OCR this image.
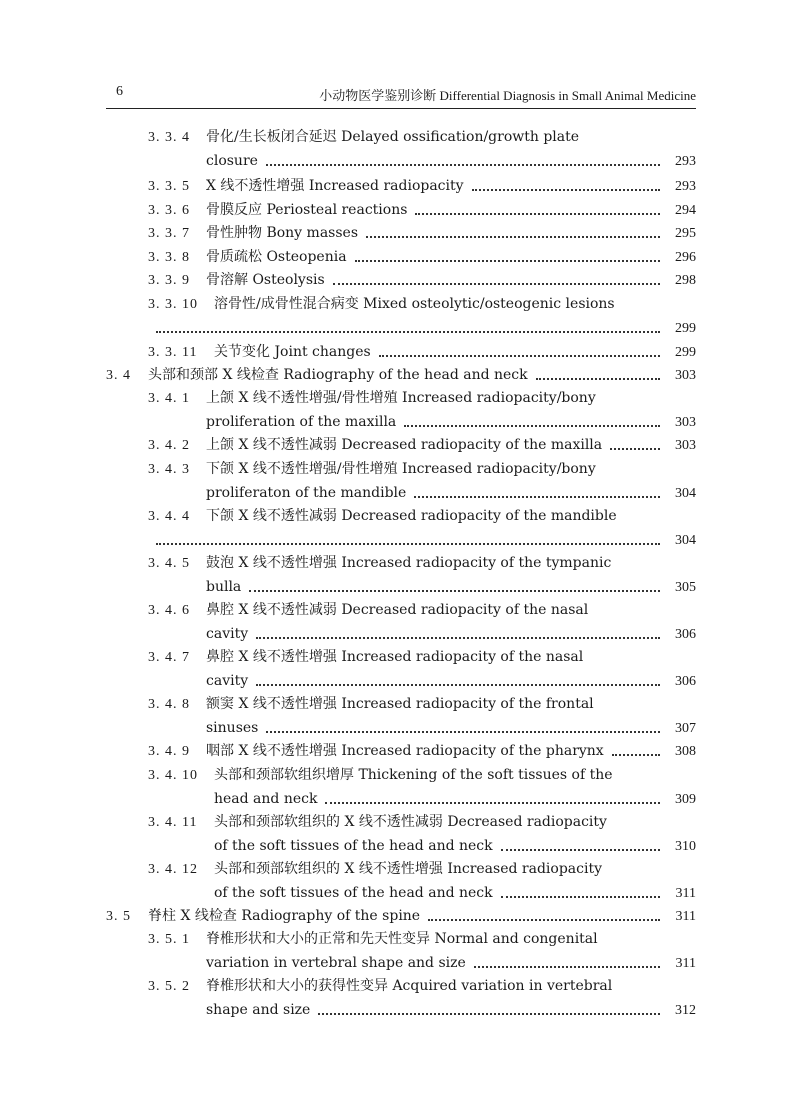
6	小动物医学鉴别诊断 Differential Diagnosis in Small Animal Medicine
3. 3. 4 骨化/生长板闭合延迟 Delayed ossification/growth plate
closure	293
3. 3. 5 X 线不透性增强 Increased radiopacity	293
3. 3. 6 骨膜反应 Periosteal reactions	294
3. 3. 7 骨性肿物 Bony masses	295
3. 3. 8 骨质疏松 Osteopenia	296
3. 3. 9 骨溶解 Osteolysis	298
3. 3. 10 溶骨性/成骨性混合病变 Mixed osteolytic/osteogenic lesions
299
3. 3. 11 关节变化 Joint changes	299
3. 4 头部和颈部 X 线检查 Radiography of the head and neck	303
3. 4. 1 上颌 X 线不透性增强/骨性增殖 Increased radiopacity/bony
proliferation of the maxilla	303
3. 4. 2 上颌 X 线不透性减弱 Decreased radiopacity of the maxilla	303
3. 4. 3 下颌 X 线不透性增强/骨性增殖 Increased radiopacity/bony
proliferaton of the mandible	304
3. 4. 4 下颌 X 线不透性减弱 Decreased radiopacity of the mandible
304
3. 4. 5 鼓泡 X 线不透性增强 Increased radiopacity of the tympanic
bulla	305
3. 4. 6 鼻腔 X 线不透性减弱 Decreased radiopacity of the nasal
cavity	306
3. 4. 7 鼻腔 X 线不透性增强 Increased radiopacity of the nasal
cavity	306
3. 4. 8 额窦 X 线不透性增强 Increased radiopacity of the frontal
sinuses	307
3. 4. 9 咽部 X 线不透性增强 Increased radiopacity of the pharynx	308
3. 4. 10 头部和颈部软组织增厚 Thickening of the soft tissues of the
head and neck	309
3. 4. 11 头部和颈部软组织的 X 线不透性减弱 Decreased radiopacity
of the soft tissues of the head and neck	310
3. 4. 12 头部和颈部软组织的 X 线不透性增强 Increased radiopacity
of the soft tissues of the head and neck	311
3. 5 脊柱 X 线检查 Radiography of the spine	311
3. 5. 1 脊椎形状和大小的正常和先天性变异 Normal and congenital
variation in vertebral shape and size	311
3. 5. 2 脊椎形状和大小的获得性变异 Acquired variation in vertebral
shape and size	312
